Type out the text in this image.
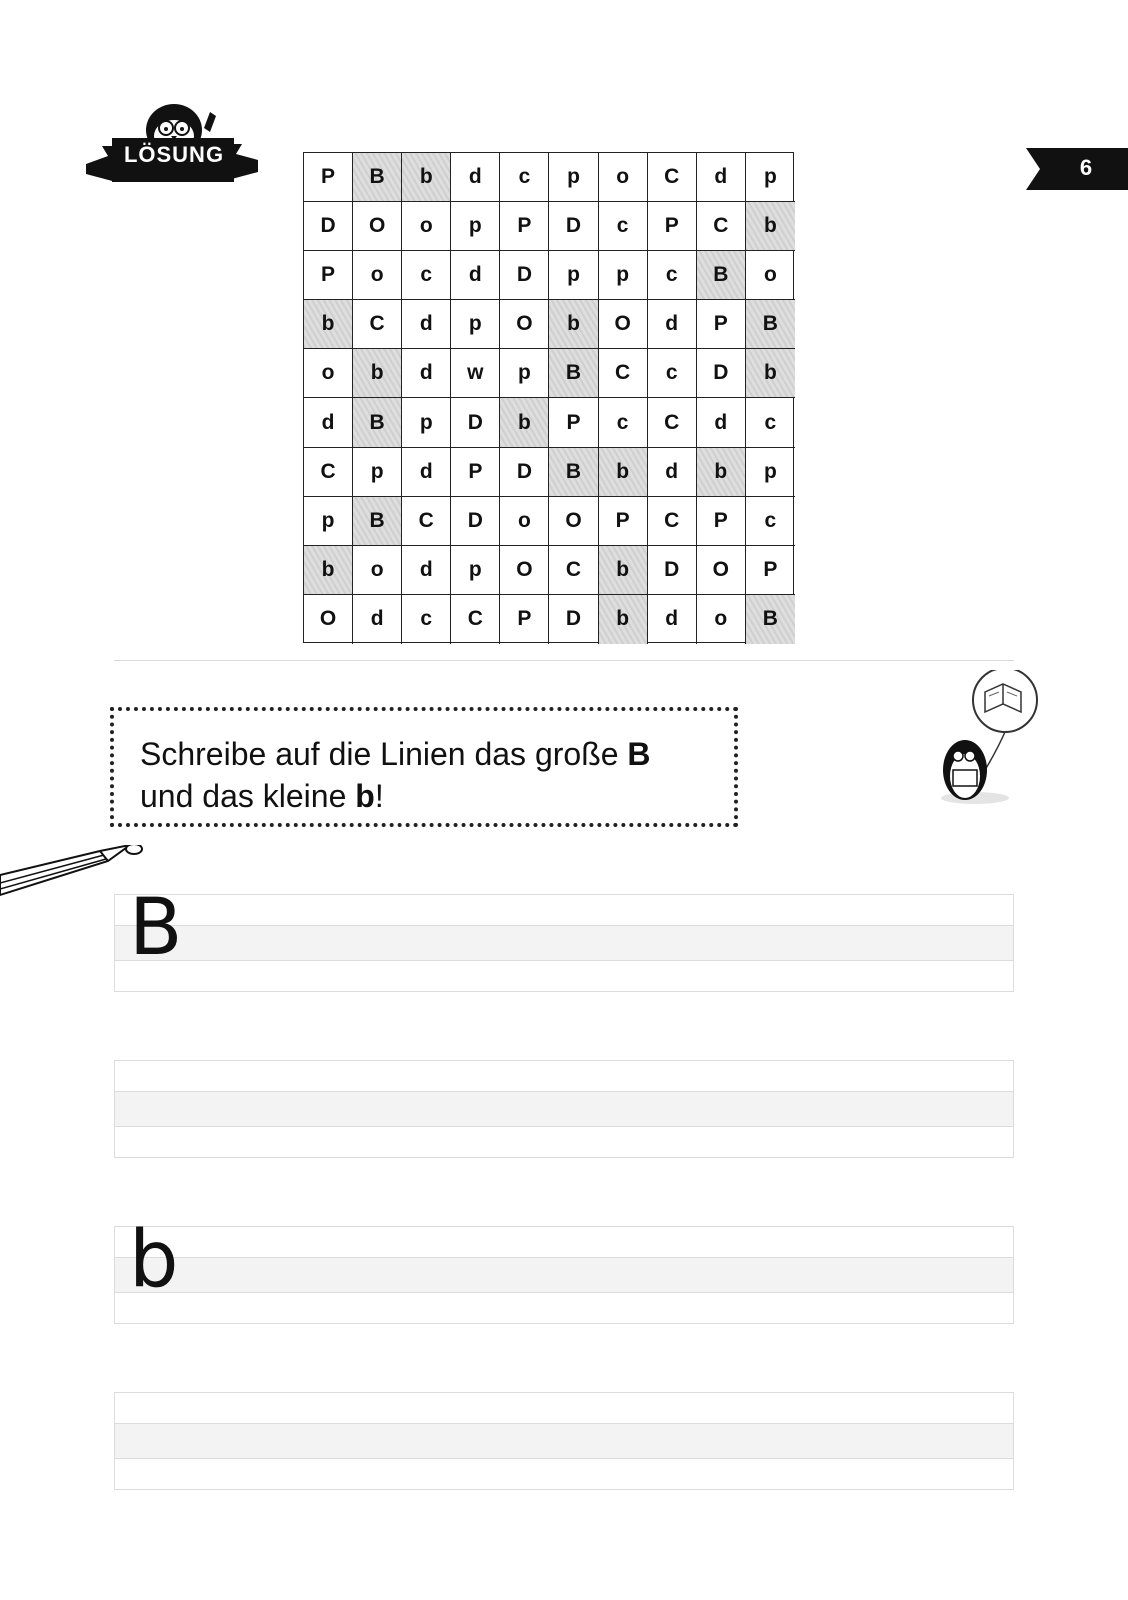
LÖSUNG
6
P	B	b	d	c	p	o	C	d	p
D	O	o	p	P	D	c	P	C	b
P	o	c	d	D	p	p	c	B	o
b	C	d	p	O	b	O	d	P	B
o	b	d	w	p	B	C	c	D	b
d	B	p	D	b	P	c	C	d	c
C	p	d	P	D	B	b	d	b	p
p	B	C	D	o	O	P	C	P	c
b	o	d	p	O	C	b	D	O	P
O	d	c	C	P	D	b	d	o	B
Schreibe auf die Linien das große B
und das kleine b!
B
b
